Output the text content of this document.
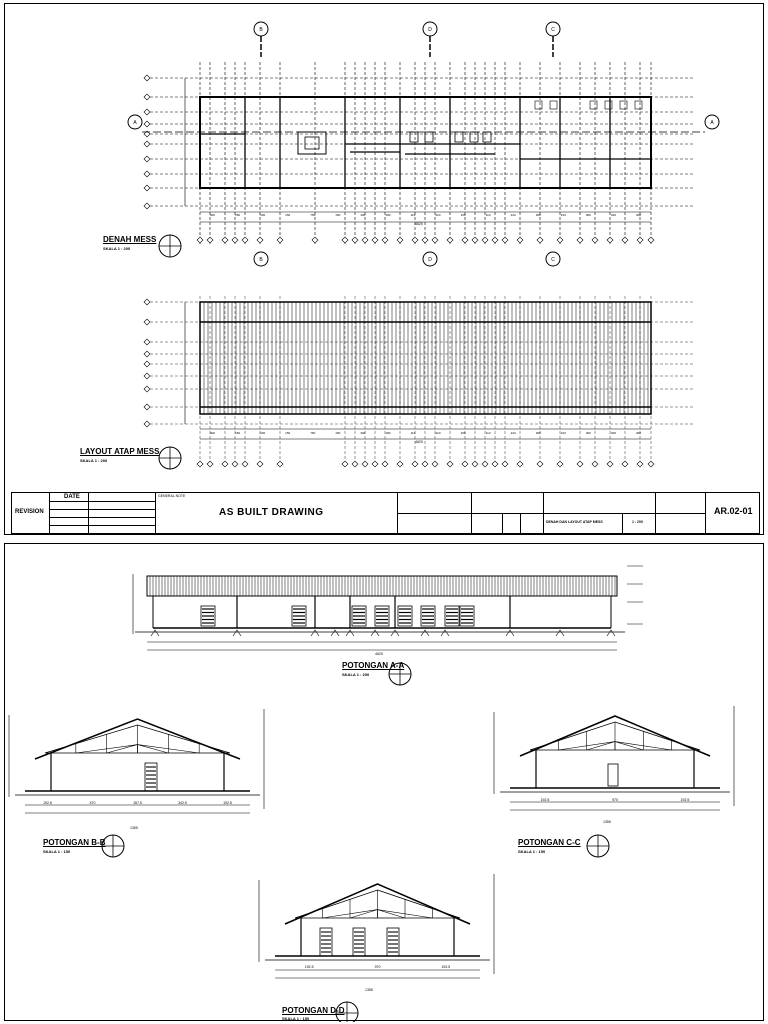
300	150	100	150	750	150	300	180	113	223	150	113	223	300	223	300	300	300
B	D	C
B	D	C
A	A
300	150	100	150	750	150	300	180	113	223	150	113	223	300	223	300	300	300
DENAH MESS
SKALA 1 : 200
4620
LAYOUT ATAP MESS
SKALA 1 : 200
4620
REVISION
DATE	GENERAL NOTE
AS BUILT DRAWING
DENAH DAN LAYOUT ATAP MESS	1 : 200
AR.02-01
192.5	470	157.5	342.5	192.5
192.5	970	192.5
192.5	970	192.5
POTONGAN A-A
SKALA 1 : 200
4620
POTONGAN B-B
SKALA 1 : 150
1355
POTONGAN C-C
SKALA 1 : 150
1355
POTONGAN D-D
SKALA 1 : 150
1355
